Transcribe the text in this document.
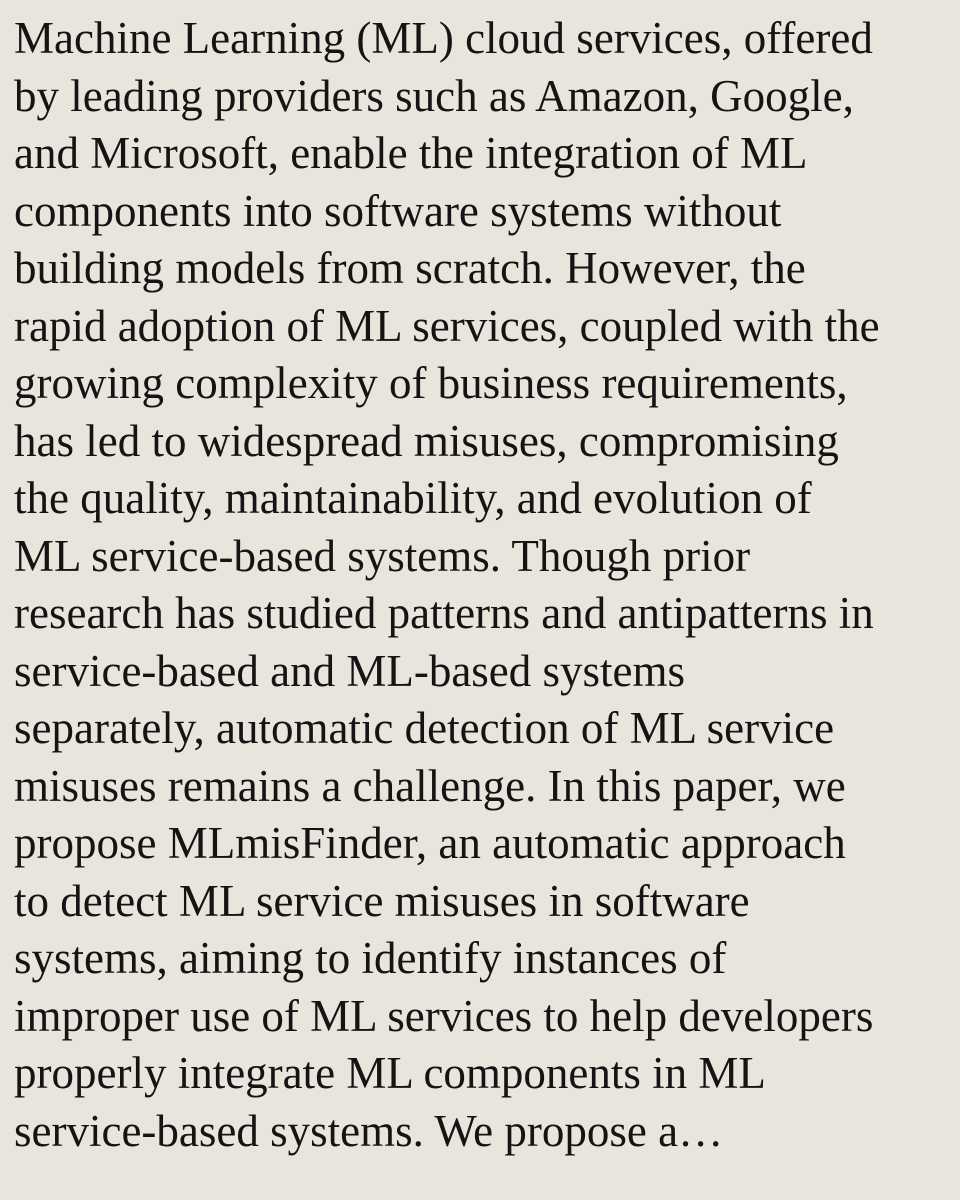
Machine Learning (ML) cloud services, offered
by leading providers such as Amazon, Google,
and Microsoft, enable the integration of ML
components into software systems without
building models from scratch. However, the
rapid adoption of ML services, coupled with the
growing complexity of business requirements,
has led to widespread misuses, compromising
the quality, maintainability, and evolution of
ML service-based systems. Though prior
research has studied patterns and antipatterns in
service-based and ML-based systems
separately, automatic detection of ML service
misuses remains a challenge. In this paper, we
propose MLmisFinder, an automatic approach
to detect ML service misuses in software
systems, aiming to identify instances of
improper use of ML services to help developers
properly integrate ML components in ML
service-based systems. We propose a…
